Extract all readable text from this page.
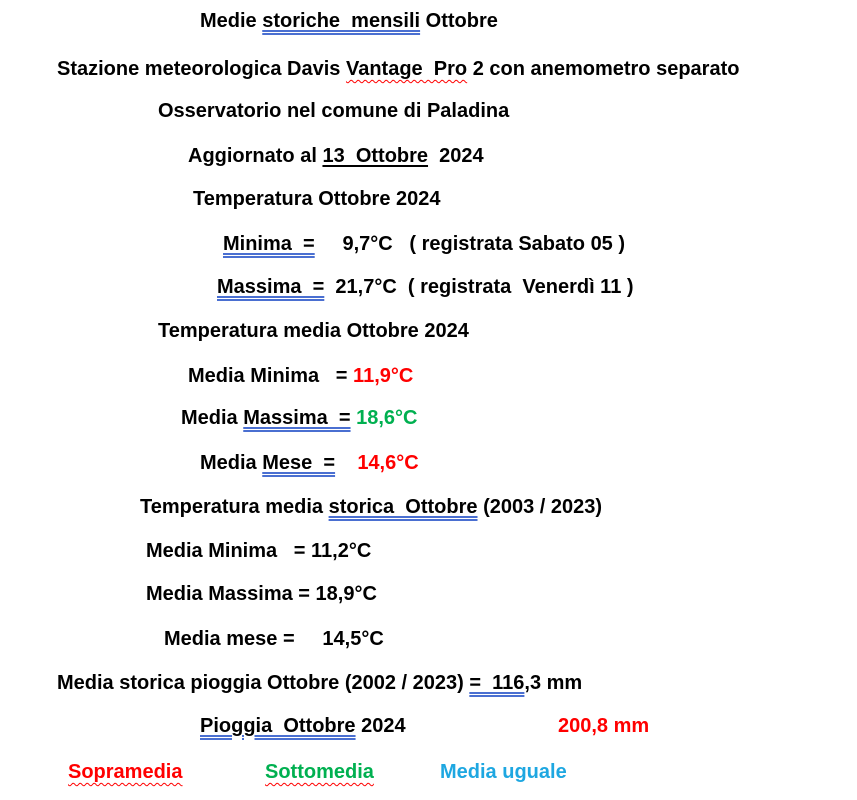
Medie storiche  mensili Ottobre
Stazione meteorologica Davis Vantage  Pro 2 con anemometro separato
Osservatorio nel comune di Paladina
Aggiornato al 13  Ottobre  2024
Temperatura Ottobre 2024
Minima  =     9,7°C   ( registrata Sabato 05 )
Massima  =  21,7°C  ( registrata  Venerdì 11 )
Temperatura media Ottobre 2024
Media Minima   = 11,9°C
Media Massima  = 18,6°C
Media Mese  = 14,6°C
Temperatura media storica  Ottobre (2003 / 2023)
Media Minima   = 11,2°C
Media Massima = 18,9°C
Media mese =     14,5°C
Media storica pioggia Ottobre (2002 / 2023) =  116,3 mm
Pioggia  Ottobre 2024	200,8 mm
Sopramedia	Sottomedia	Media uguale
